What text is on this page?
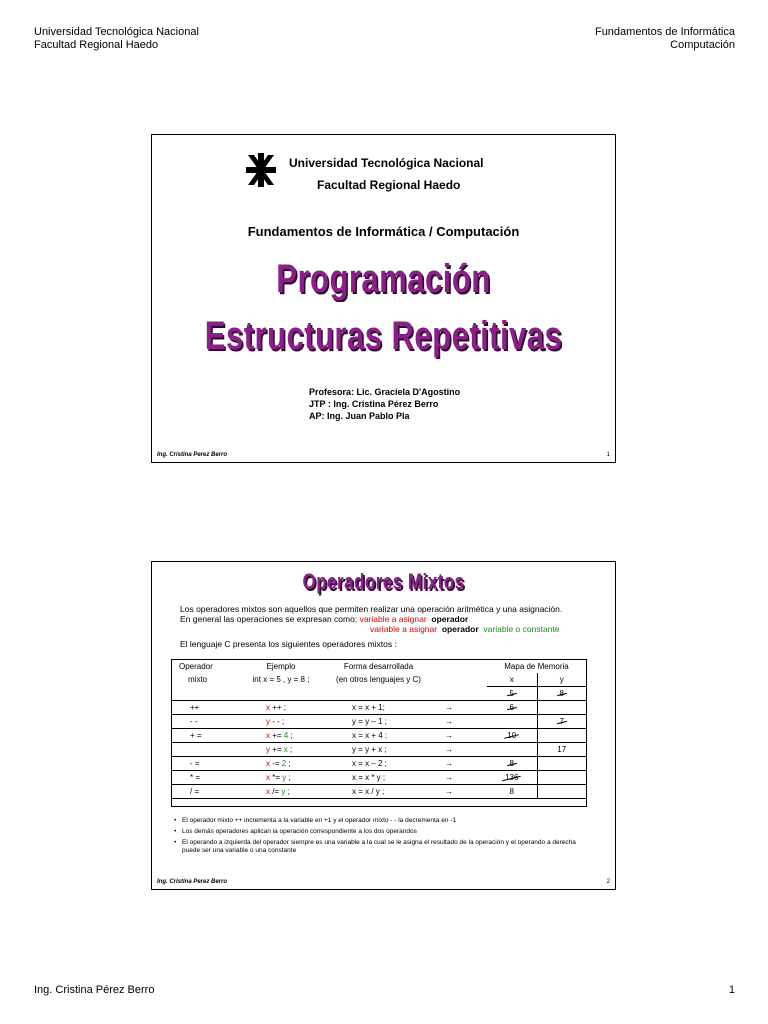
Universidad Tecnológica Nacional
Facultad Regional Haedo
Fundamentos de Informática
Computación
Universidad Tecnológica Nacional
Facultad Regional Haedo
Fundamentos de Informática / Computación
Programación
Estructuras Repetitivas
Profesora: Lic. Graciela D'Agostino
JTP : Ing. Cristina Pérez Berro
AP: Ing. Juan Pablo Pla
Ing. Cristina Perez Berro	1
Operadores Mixtos
Los operadores mixtos son aquellos que permiten realizar una operación aritmética y una asignación.
En general las operaciones se expresan como: variable a asignar operador
variable a asignar operador variable o constante
El lenguaje C presenta los siguientes operadores mixtos :
Operador	Ejemplo	Forma desarrollada		Mapa de Memoria	
mixto	int x = 5 , y = 8 ;	(en otros lenguajes y C)		x	y
				5	8
++	x ++ ;	x = x + 1;	→	6	
- -	y - - ;	y = y – 1 ;	→		7
+ =	x += 4 ;	x = x + 4 ;	→	10	
	y += x ;	y = y + x ;	→		17
- =	x -= 2 ;	x = x – 2 ;	→	8	
* =	x *= y ;	x = x * y ;	→	136	
/ =	x /= y ;	x = x / y ;	→	8	
• El operador mixto ++ incrementa a la variable en +1 y el operador mixto - - la decrementa en -1
• Los demás operadores aplican la operación correspondiente a los dos operandos
• El operando a izquierda del operador siempre es una variable a la cual se le asigna el resultado de la operación y el operando a derecha puede ser una variable o una constante
Ing. Cristina Perez Berro	2
Ing. Cristina Pérez Berro	1
